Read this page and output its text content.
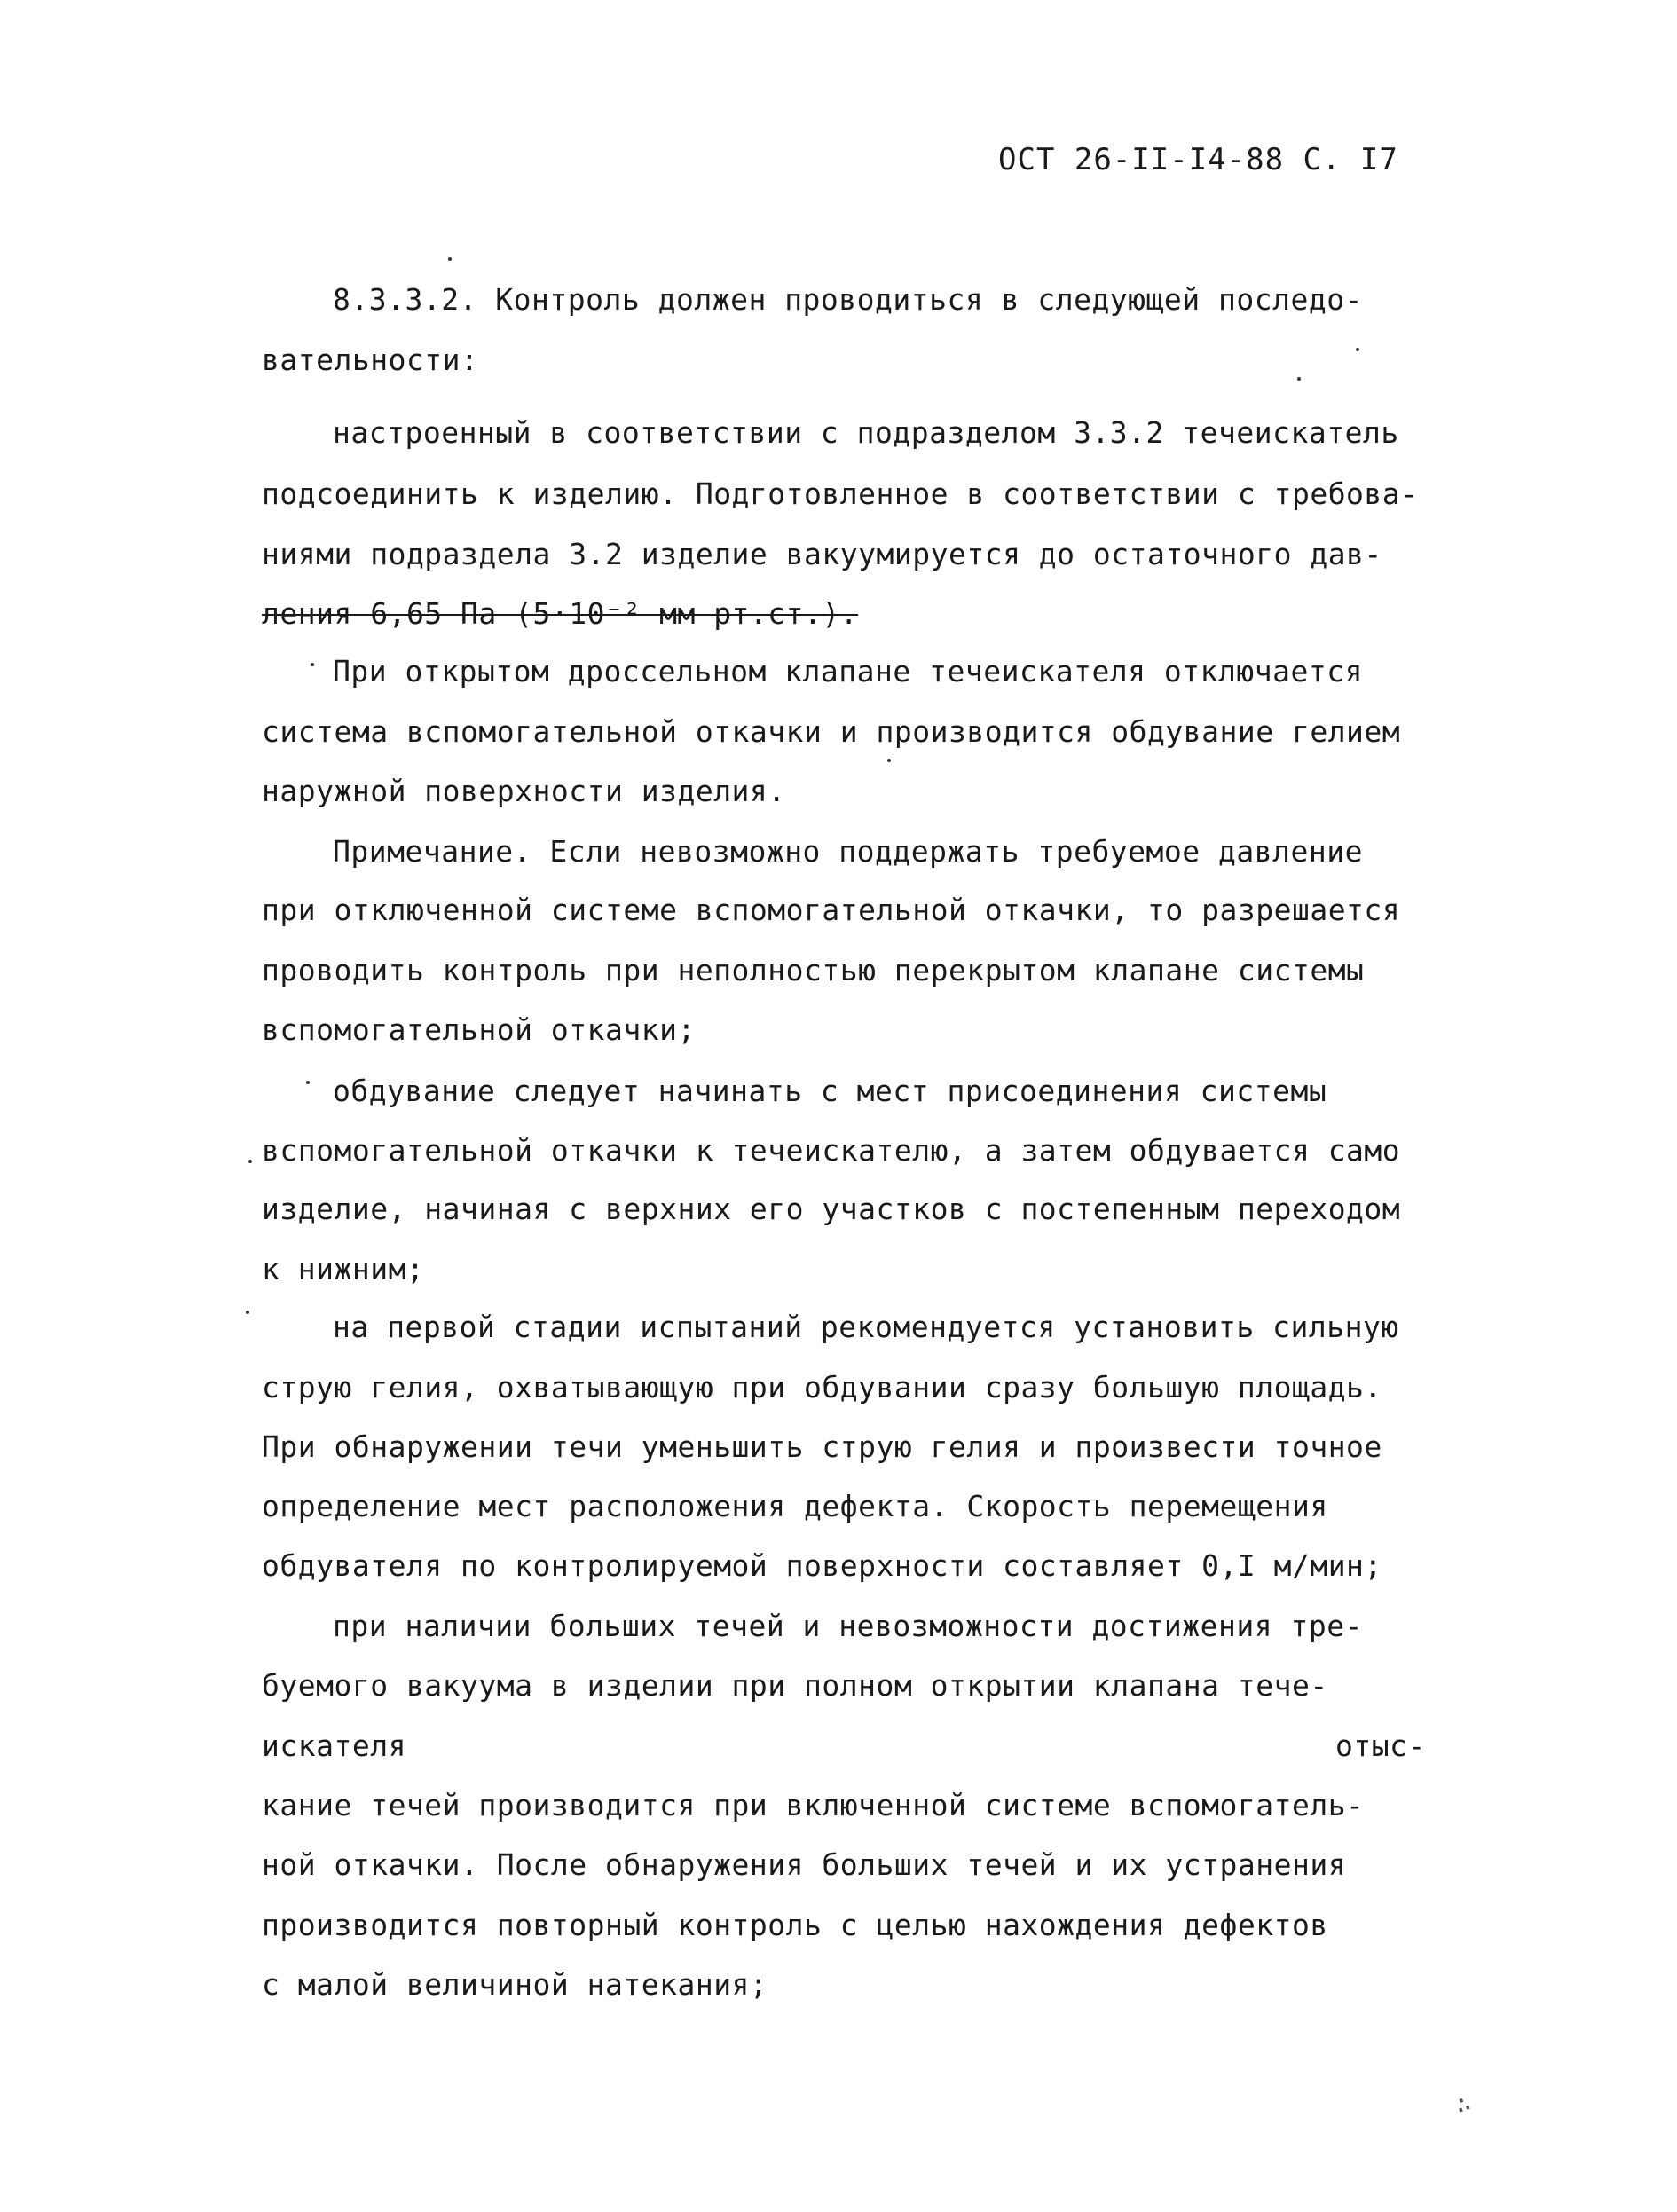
ОСТ 26-II-I4-88 С. I7
8.3.3.2. Контроль должен проводиться в следующей последо-
вательности:
настроенный в соответствии с подразделом 3.3.2 течеискатель
подсоединить к изделию. Подготовленное в соответствии с требова-
ниями подраздела 3.2 изделие вакуумируется до остаточного дав-
ления 6,65 Па (5·10⁻² мм рт.ст.).
При открытом дроссельном клапане течеискателя отключается
система вспомогательной откачки и производится обдувание гелием
наружной поверхности изделия.
Примечание. Если невозможно поддержать требуемое давление
при отключенной системе вспомогательной откачки, то разрешается
проводить контроль при неполностью перекрытом клапане системы
вспомогательной откачки;
обдувание следует начинать с мест присоединения системы
вспомогательной откачки к течеискателю, а затем обдувается само
изделие, начиная с верхних его участков с постепенным переходом
к нижним;
на первой стадии испытаний рекомендуется установить сильную
струю гелия, охватывающую при обдувании сразу большую площадь.
При обнаружении течи уменьшить струю гелия и произвести точное
определение мест расположения дефекта. Скорость перемещения
обдувателя по контролируемой поверхности составляет 0,I м/мин;
при наличии больших течей и невозможности достижения тре-
буемого вакуума в изделии при полном открытии клапана тече-
искателя	отыс-
кание течей производится при включенной системе вспомогатель-
ной откачки. После обнаружения больших течей и их устранения
производится повторный контроль с целью нахождения дефектов
с малой величиной натекания;
∴
